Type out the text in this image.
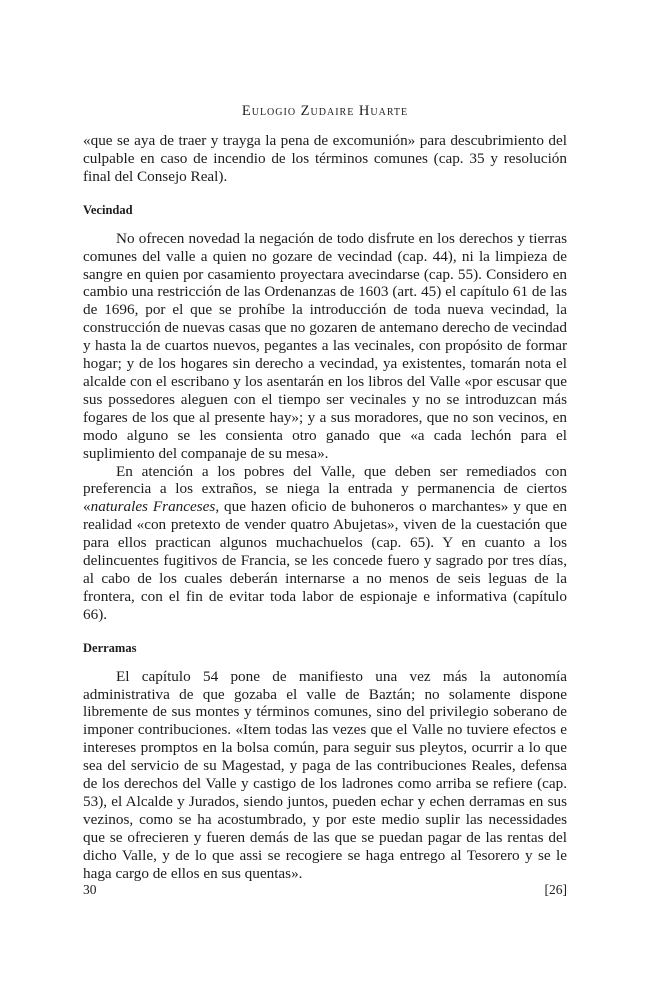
Eulogio Zudaire Huarte

«que se aya de traer y trayga la pena de excomunión» para descubrimiento del culpable en caso de incendio de los términos comunes (cap. 35 y resolución final del Consejo Real).

Vecindad

No ofrecen novedad la negación de todo disfrute en los derechos y tierras comunes del valle a quien no gozare de vecindad (cap. 44), ni la limpieza de sangre en quien por casamiento proyectara avecindarse (cap. 55). Considero en cambio una restricción de las Ordenanzas de 1603 (art. 45) el capítulo 61 de las de 1696, por el que se prohíbe la introducción de toda nueva vecindad, la construcción de nuevas casas que no gozaren de antemano derecho de vecindad y hasta la de cuartos nuevos, pegantes a las vecinales, con propósito de formar hogar; y de los hogares sin derecho a vecindad, ya existentes, tomarán nota el alcalde con el escribano y los asentarán en los libros del Valle «por escusar que sus possedores aleguen con el tiempo ser vecinales y no se introduzcan más fogares de los que al presente hay»; y a sus moradores, que no son vecinos, en modo alguno se les consienta otro ganado que «a cada lechón para el suplimiento del companaje de su mesa».

En atención a los pobres del Valle, que deben ser remediados con preferencia a los extraños, se niega la entrada y permanencia de ciertos «naturales Franceses, que hazen oficio de buhoneros o marchantes» y que en realidad «con pretexto de vender quatro Abujetas», viven de la cuestación que para ellos practican algunos muchachuelos (cap. 65). Y en cuanto a los delincuentes fugitivos de Francia, se les concede fuero y sagrado por tres días, al cabo de los cuales deberán internarse a no menos de seis leguas de la frontera, con el fin de evitar toda labor de espionaje e informativa (capítulo 66).

Derramas

El capítulo 54 pone de manifiesto una vez más la autonomía administrativa de que gozaba el valle de Baztán; no solamente dispone libremente de sus montes y términos comunes, sino del privilegio soberano de imponer contribuciones. «Item todas las vezes que el Valle no tuviere efectos e intereses promptos en la bolsa común, para seguir sus pleytos, ocurrir a lo que sea del servicio de su Magestad, y paga de las contribuciones Reales, defensa de los derechos del Valle y castigo de los ladrones como arriba se refiere (cap. 53), el Alcalde y Jurados, siendo juntos, pueden echar y echen derramas en sus vezinos, como se ha acostumbrado, y por este medio suplir las necessidades que se ofrecieren y fueren demás de las que se puedan pagar de las rentas del dicho Valle, y de lo que assi se recogiere se haga entrego al Tesorero y se le haga cargo de ellos en sus quentas».

30	[26]
